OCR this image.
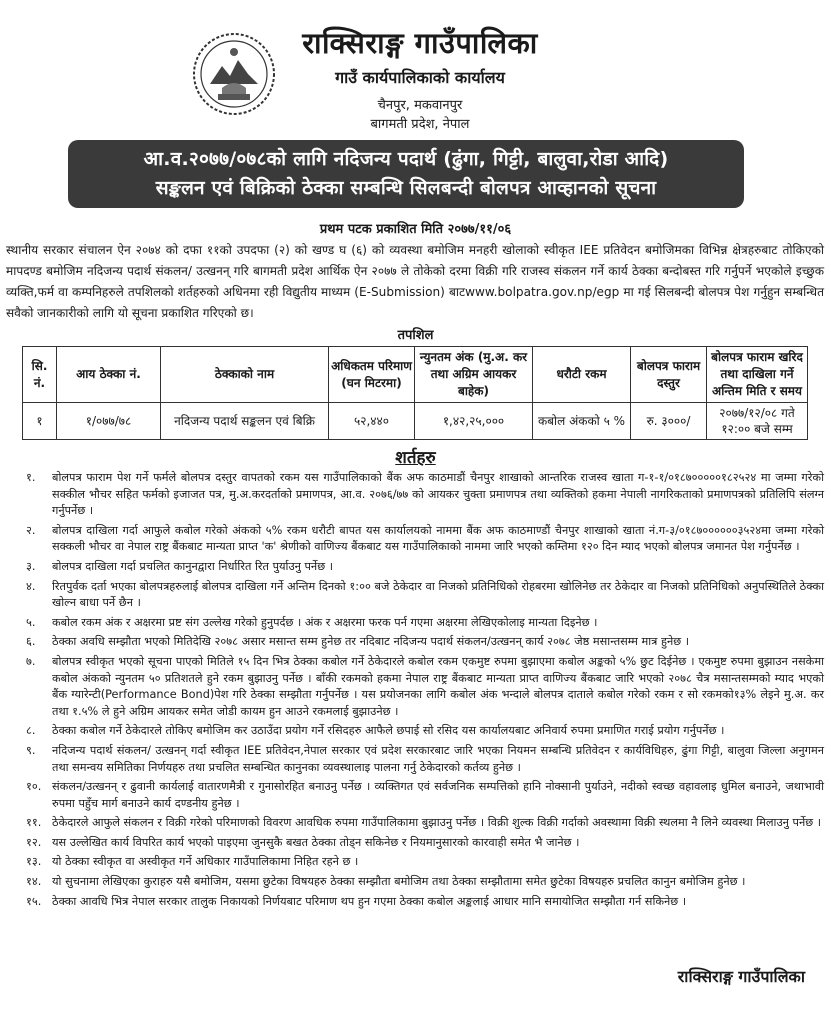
राक्सिराङ्ग गाउँपालिका
गाउँ कार्यपालिकाको कार्यालय
चैनपुर, मकवानपुर
बागमती प्रदेश, नेपाल
आ.व.२०७७/०७८को लागि नदिजन्य पदार्थ (ढुंगा, गिट्टी, बालुवा,रोडा आदि)
सङ्कलन एवं बिक्रिको ठेक्का सम्बन्धि सिलबन्दी बोलपत्र आव्हानको सूचना
प्रथम पटक प्रकाशित मिति २०७७/११/०६
स्थानीय सरकार संचालन ऐन २०७४ को दफा ११को उपदफा (२) को खण्ड घ (६) को व्यवस्था बमोजिम मनहरी खोलाको स्वीकृत IEE प्रतिवेदन बमोजिमका विभिन्न क्षेत्रहरुबाट तोकिएको मापदण्ड बमोजिम नदिजन्य पदार्थ संकलन/ उत्खनन् गरि बागमती प्रदेश आर्थिक ऐन २०७७ ले तोकेको दरमा विक्री गरि राजस्व संकलन गर्ने कार्य ठेक्का बन्दोबस्त गरि गर्नुपर्ने भएकोले इच्छुक व्यक्ति,फर्म वा कम्पनिहरुले तपशिलको शर्तहरुको अधिनमा रही विद्युतीय माध्यम (E-Submission) बाटwww.bolpatra.gov.np/egp मा गई सिलबन्दी बोलपत्र पेश गर्नुहुन सम्बन्धित सवैको जानकारीको लागि यो सूचना प्रकाशित गरिएको छ।
तपशिल
सि. नं.	आय ठेक्का नं.	ठेक्काको नाम	अधिकतम परिमाण (घन मिटरमा)	न्युनतम अंक (मु.अ. कर तथा अग्रिम आयकर बाहेक)	धरौटी रकम	बोलपत्र फाराम दस्तुर	बोलपत्र फाराम खरिद तथा दाखिला गर्ने अन्तिम मिति र समय
१	१/०७७/७८	नदिजन्य पदार्थ सङ्कलन एवं बिक्रि	५२,४४०	१,४२,२५,०००	कबोल अंकको ५ %	रु. ३०००/	२०७७/१२/०८ गते १२:०० बजे सम्म
शर्तहरु
१.	बोलपत्र फाराम पेश गर्ने फर्मले बोलपत्र दस्तुर वापतको रकम यस गाउँपालिकाको बैंक अफ काठमाडौं चैनपुर शाखाको आन्तरिक राजस्व खाता ग-१-१/०१८७०००००१८२५२४ मा जम्मा गरेको सक्कील भौचर सहित फर्मको इजाजत पत्र, मु.अ.करदर्ताको प्रमाणपत्र, आ.व. २०७६/७७ को आयकर चुक्ता प्रमाणपत्र तथा व्यक्तिको हकमा नेपाली नागरिकताको प्रमाणपत्रको प्रतिलिपि संलग्न गर्नुपर्नेछ ।
२.	बोलपत्र दाखिला गर्दा आफुले कबोल गरेको अंकको ५% रकम धरौटी बापत यस कार्यालयको नाममा बैंक अफ काठमाण्डौं चैनपुर शाखाको खाता नं.ग-३/०१८७००००००३५२४मा जम्मा गरेको सक्कली भौचर वा नेपाल राष्ट्र बैंकबाट मान्यता प्राप्त 'क' श्रेणीको वाणिज्य बैंकबाट यस गाउँपालिकाको नाममा जारि भएको कम्तिमा १२० दिन म्याद भएको बोलपत्र जमानत पेश गर्नुपर्नेछ ।
३.	बोलपत्र दाखिला गर्दा प्रचलित कानुनद्वारा निर्धारित रित पुर्याउनु पर्नेछ ।
४.	रितपुर्वक दर्ता भएका बोलपत्रहरुलाई बोलपत्र दाखिला गर्ने अन्तिम दिनको १:०० बजे ठेकेदार वा निजको प्रतिनिधिको रोहबरमा खोलिनेछ तर ठेकेदार वा निजको प्रतिनिधिको अनुपस्थितिले ठेक्का खोल्न बाधा पर्ने छैन ।
५.	कबोल रकम अंक र अक्षरमा प्रष्ट संग उल्लेख गरेको हुनुपर्दछ । अंक र अक्षरमा फरक पर्न गएमा अक्षरमा लेखिएकोलाइ मान्यता दिइनेछ ।
६.	ठेक्का अवधि सम्झौता भएको मितिदेखि २०७८ असार मसान्त सम्म हुनेछ तर नदिबाट नदिजन्य पदार्थ संकलन/उत्खनन् कार्य २०७८ जेष्ठ मसान्तसम्म मात्र हुनेछ ।
७.	बोलपत्र स्वीकृत भएको सूचना पाएको मितिले १५ दिन भित्र ठेक्का कबोल गर्ने ठेकेदारले कबोल रकम एकमुष्ट रुपमा बुझाएमा कबोल अङ्कको ५% छुट दिईनेछ । एकमुष्ट रुपमा बुझाउन नसकेमा कबोल अंकको न्युनतम ५० प्रतिशतले हुने रकम बुझाउनु पर्नेछ । बाँकी रकमको हकमा नेपाल राष्ट्र बैंकबाट मान्यता प्राप्त वाणिज्य बैंकबाट जारि भएको २०७८ चैत्र मसान्तसम्मको म्याद भएको बैंक ग्यारेन्टी(Performance Bond)पेश गरि ठेक्का सम्झौता गर्नुपर्नेछ । यस प्रयोजनका लागि कबोल अंक भन्दाले बोलपत्र दाताले कबोल गरेको रकम र सो रकमको१३% लेइने मु.अ. कर तथा १.५% ले हुने अग्रिम आयकर समेत जोडी कायम हुन आउने रकमलाई बुझाउनेछ ।
८.	ठेक्का कबोल गर्ने ठेकेदारले तोकिए बमोजिम कर उठाउँदा प्रयोग गर्ने रसिदहरु आफैले छपाई सो रसिद यस कार्यालयबाट अनिवार्य रुपमा प्रमाणित गराई प्रयोग गर्नुपर्नेछ ।
९.	नदिजन्य पदार्थ संकलन/ उत्खनन् गर्दा स्वीकृत IEE प्रतिवेदन,नेपाल सरकार एवं प्रदेश सरकारबाट जारि भएका नियमन सम्बन्धि प्रतिवेदन र कार्यविधिहरु, ढुंगा गिट्टी, बालुवा जिल्ला अनुगमन तथा समन्वय समितिका निर्णयहरु तथा प्रचलित सम्बन्धित कानुनका व्यवस्थालाइ पालना गर्नु ठेकेदारको कर्तव्य हुनेछ ।
१०. संकलन/उत्खनन् र ढुवानी कार्यलाई वातारणमैत्री र गुनासोरहित बनाउनु पर्नेछ । व्यक्तिगत एवं सर्वजनिक सम्पत्तिको हानि नोक्सानी पुर्याउने, नदीको स्वच्छ वहावलाइ धुमिल बनाउने, जथाभावी रुपमा पहुँच मार्ग बनाउने कार्य दण्डनीय हुनेछ ।
११. ठेकेदारले आफुले संकलन र विक्री गरेको परिमाणको विवरण आवधिक रुपमा गाउँपालिकामा बुझाउनु पर्नेछ । विक्री शुल्क विक्री गर्दाको अवस्थामा विक्री स्थलमा नै लिने व्यवस्था मिलाउनु पर्नेछ ।
१२. यस उल्लेखित कार्य विपरित कार्य भएको पाइएमा जुनसुकै बखत ठेक्का तोड्न सकिनेछ र नियमानुसारको कारवाही समेत भै जानेछ ।
१३. यो ठेक्का स्वीकृत वा अस्वीकृत गर्ने अधिकार गाउँपालिकामा निहित रहने छ ।
१४. यो सुचनामा लेखिएका कुराहरु यसै बमोजिम, यसमा छुटेका विषयहरु ठेक्का सम्झौता बमोजिम तथा ठेक्का सम्झौतामा समेत छुटेका विषयहरु प्रचलित कानुन बमोजिम हुनेछ ।
१५. ठेक्का आवधि भित्र नेपाल सरकार तालुक निकायको निर्णयबाट परिमाण थप हुन गएमा ठेक्का कबोल अङ्कलाई आधार मानि समायोजित सम्झौता गर्न सकिनेछ ।
राक्सिराङ्ग गाउँपालिका
